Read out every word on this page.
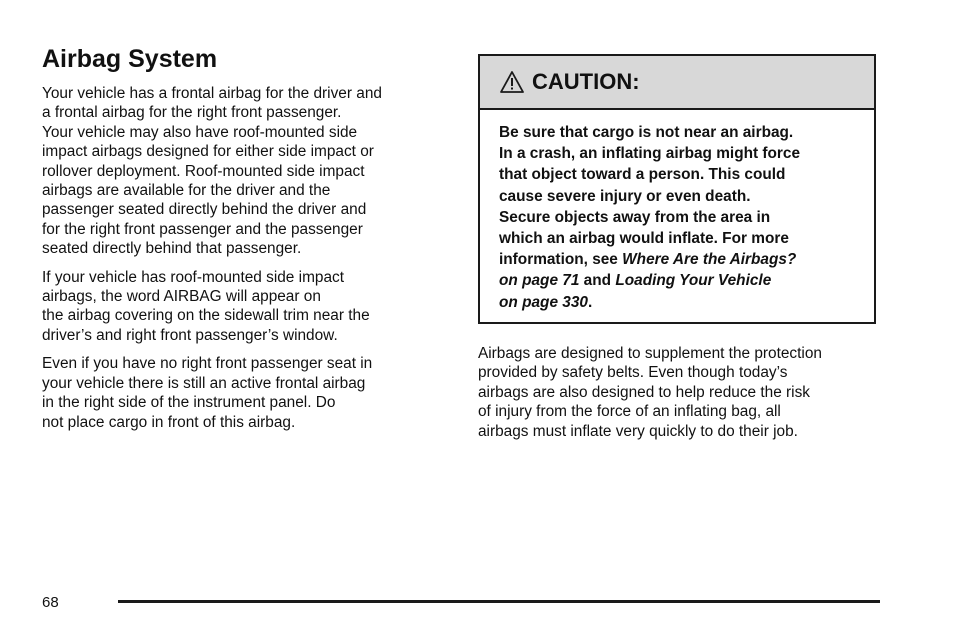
Airbag System

Your vehicle has a frontal airbag for the driver and
a frontal airbag for the right front passenger.
Your vehicle may also have roof-mounted side
impact airbags designed for either side impact or
rollover deployment. Roof-mounted side impact
airbags are available for the driver and the
passenger seated directly behind the driver and
for the right front passenger and the passenger
seated directly behind that passenger.

If your vehicle has roof-mounted side impact
airbags, the word AIRBAG will appear on
the airbag covering on the sidewall trim near the
driver’s and right front passenger’s window.

Even if you have no right front passenger seat in
your vehicle there is still an active frontal airbag
in the right side of the instrument panel. Do
not place cargo in front of this airbag.

CAUTION:
Be sure that cargo is not near an airbag.
In a crash, an inflating airbag might force
that object toward a person. This could
cause severe injury or even death.
Secure objects away from the area in
which an airbag would inflate. For more
information, see Where Are the Airbags?
on page 71 and Loading Your Vehicle
on page 330.

Airbags are designed to supplement the protection
provided by safety belts. Even though today’s
airbags are also designed to help reduce the risk
of injury from the force of an inflating bag, all
airbags must inflate very quickly to do their job.

68
